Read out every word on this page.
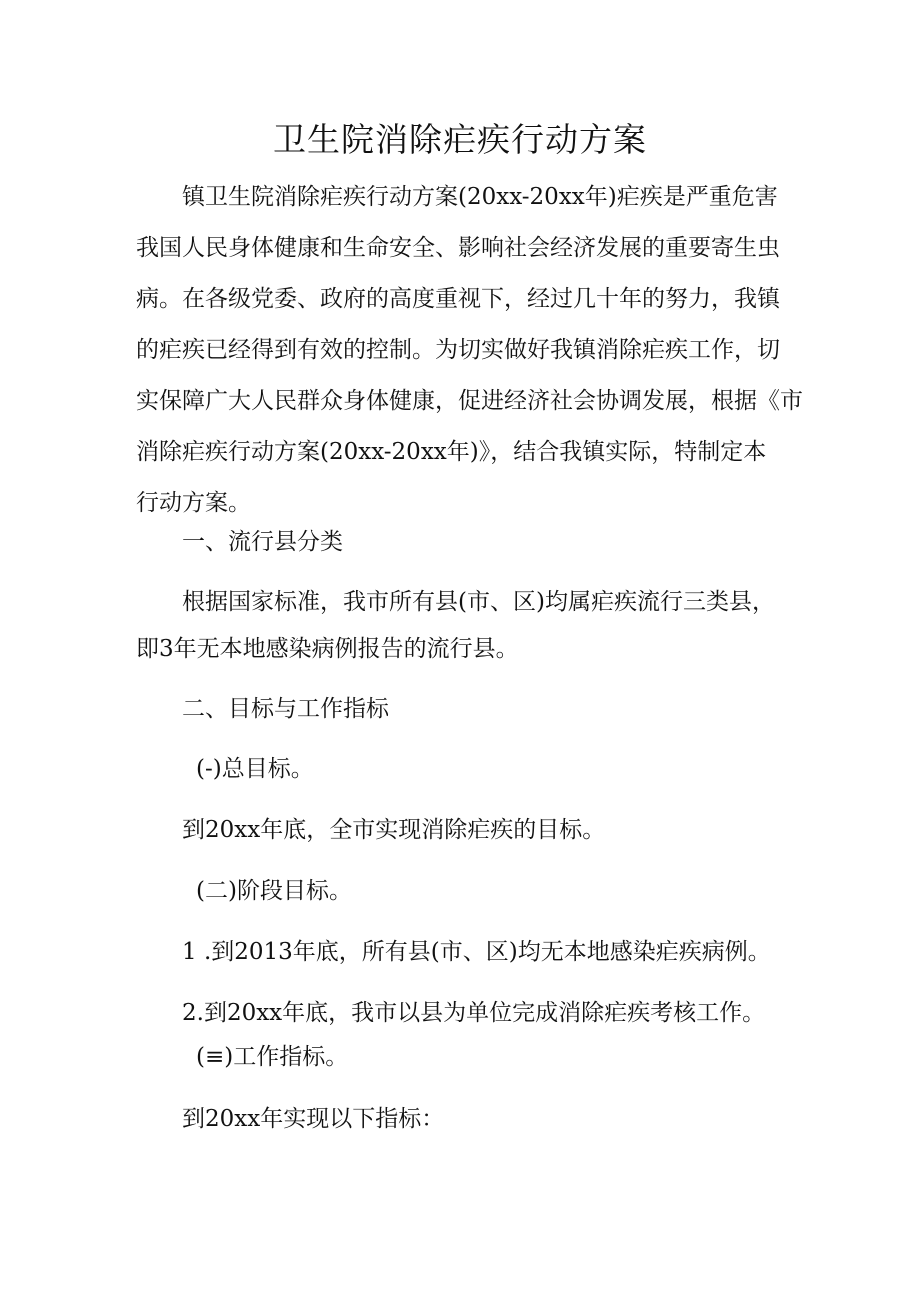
卫生院消除疟疾行动方案

镇卫生院消除疟疾行动方案(20xx-20xx年)疟疾是严重危害
我国人民身体健康和生命安全、影响社会经济发展的重要寄生虫
病。在各级党委、政府的高度重视下，经过几十年的努力，我镇
的疟疾已经得到有效的控制。为切实做好我镇消除疟疾工作，切
实保障广大人民群众身体健康，促进经济社会协调发展，根据《市
消除疟疾行动方案(20xx-20xx年)》，结合我镇实际，特制定本
行动方案。

一、流行县分类

根据国家标准，我市所有县(市、区)均属疟疾流行三类县，

即3年无本地感染病例报告的流行县。

二、目标与工作指标

(-)总目标。

到20xx年底，全市实现消除疟疾的目标。

(二)阶段目标。

1 .到2013年底，所有县(市、区)均无本地感染疟疾病例。

2.到20xx年底，我市以县为单位完成消除疟疾考核工作。

(≡)工作指标。

到20xx年实现以下指标：
